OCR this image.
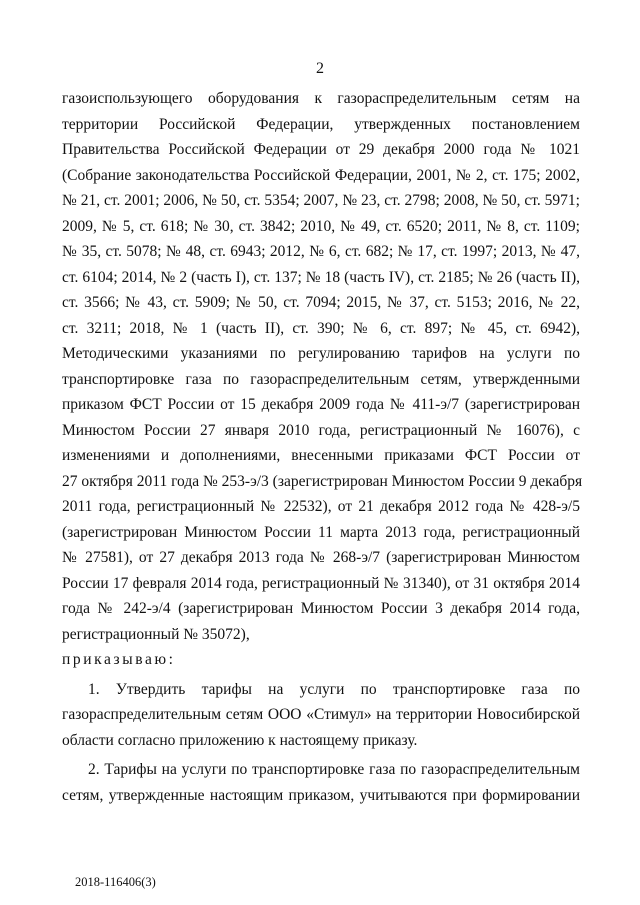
2
газоиспользующего оборудования к газораспределительным сетям на
территории Российской Федерации, утвержденных постановлением
Правительства Российской Федерации от 29 декабря 2000 года № 1021
(Собрание законодательства Российской Федерации, 2001, № 2, ст. 175; 2002,
№ 21, ст. 2001; 2006, № 50, ст. 5354; 2007, № 23, ст. 2798; 2008, № 50, ст. 5971;
2009, № 5, ст. 618; № 30, ст. 3842; 2010, № 49, ст. 6520; 2011, № 8, ст. 1109;
№ 35, ст. 5078; № 48, ст. 6943; 2012, № 6, ст. 682; № 17, ст. 1997; 2013, № 47,
ст. 6104; 2014, № 2 (часть I), ст. 137; № 18 (часть IV), ст. 2185; № 26 (часть II),
ст. 3566; № 43, ст. 5909; № 50, ст. 7094; 2015, № 37, ст. 5153; 2016, № 22,
ст. 3211; 2018, № 1 (часть II), ст. 390; № 6, ст. 897; № 45, ст. 6942),
Методическими указаниями по регулированию тарифов на услуги по
транспортировке газа по газораспределительным сетям, утвержденными
приказом ФСТ России от 15 декабря 2009 года № 411-э/7 (зарегистрирован
Минюстом России 27 января 2010 года, регистрационный № 16076), с
изменениями и дополнениями, внесенными приказами ФСТ России от
27 октября 2011 года № 253-э/3 (зарегистрирован Минюстом России 9 декабря
2011 года, регистрационный № 22532), от 21 декабря 2012 года № 428-э/5
(зарегистрирован Минюстом России 11 марта 2013 года, регистрационный
№ 27581), от 27 декабря 2013 года № 268-э/7 (зарегистрирован Минюстом
России 17 февраля 2014 года, регистрационный № 31340), от 31 октября 2014
года № 242-э/4 (зарегистрирован Минюстом России 3 декабря 2014 года,
регистрационный № 35072),
приказываю:
1. Утвердить тарифы на услуги по транспортировке газа по
газораспределительным сетям ООО «Стимул» на территории Новосибирской
области согласно приложению к настоящему приказу.
2. Тарифы на услуги по транспортировке газа по газораспределительным
сетям, утвержденные настоящим приказом, учитываются при формировании
2018-116406(3)
